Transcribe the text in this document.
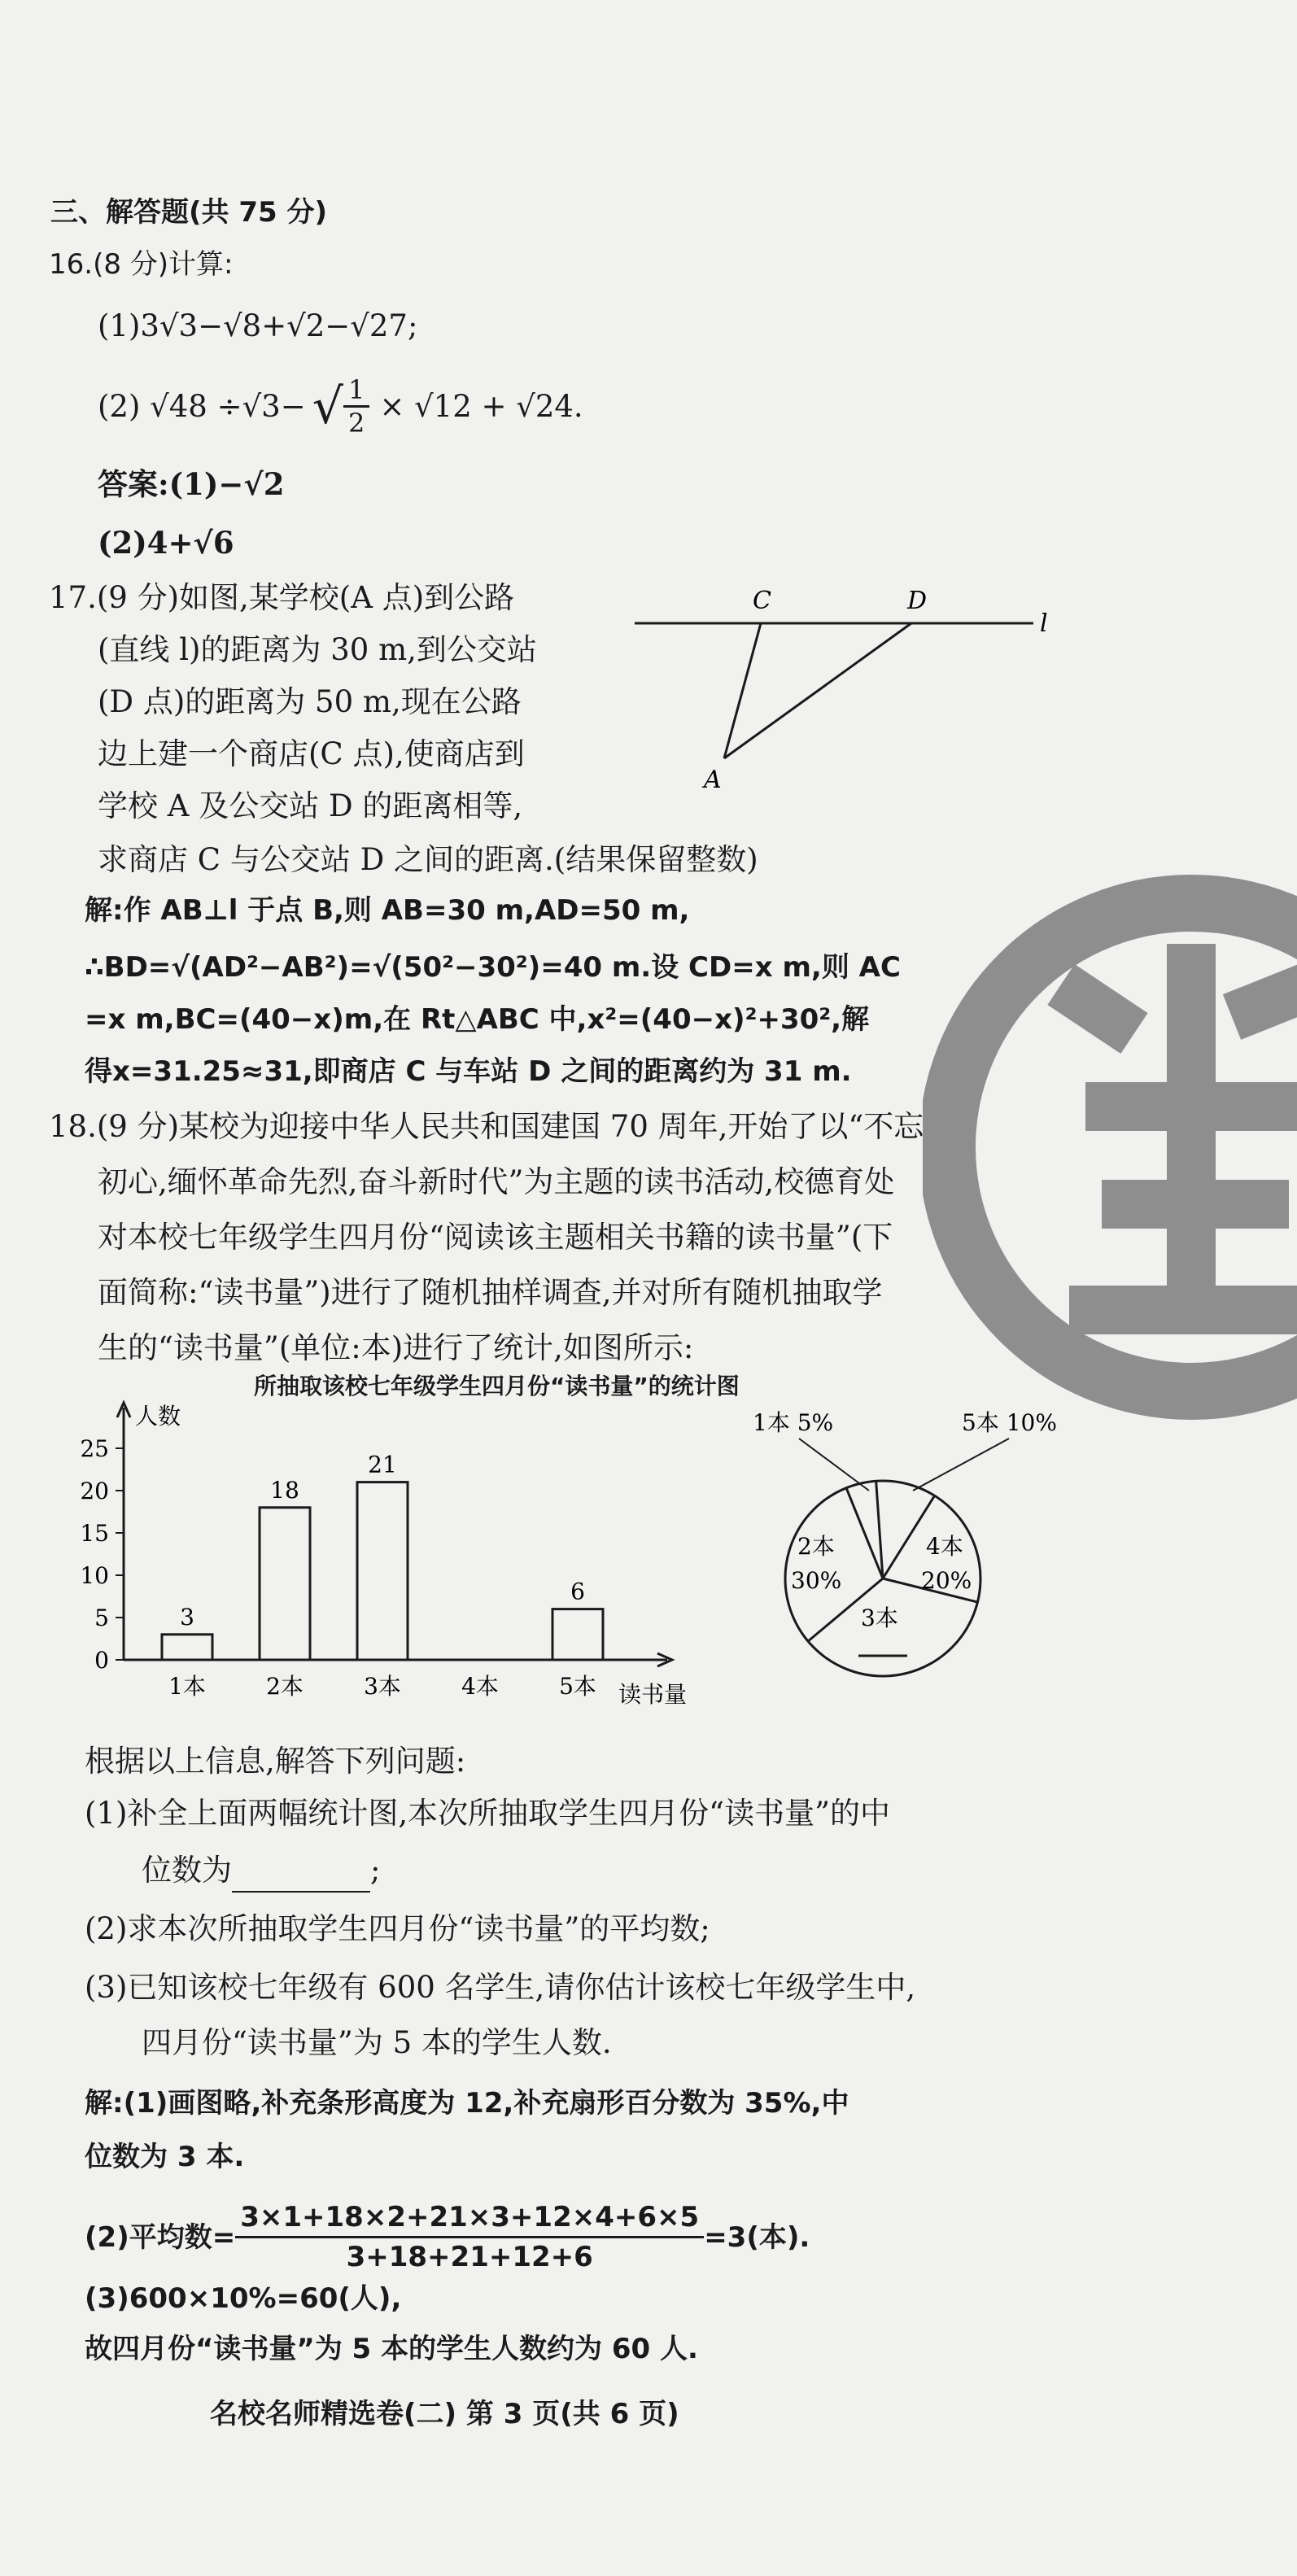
三、解答题(共 75 分)
16.(8 分)计算:
(1)3√3−√8+√2−√27;
(2) √48 ÷√3− √ $\frac{1}{2} \times √12 + √24$.
答案:(1)−√2
(2)4+√6
17.(9 分)如图,某学校(A 点)到公路
(直线 l)的距离为 30 m,到公交站
(D 点)的距离为 50 m,现在公路
边上建一个商店(C 点),使商店到
学校 A 及公交站 D 的距离相等,
求商店 C 与公交站 D 之间的距离.(结果保留整数)
C	D
l
A
解:作 AB⊥l 于点 B,则 AB=30 m,AD=50 m,
∴BD=√(AD²−AB²)=√(50²−30²)=40 m.设 CD=x m,则 AC
=x m,BC=(40−x)m,在 Rt△ABC 中,x²=(40−x)²+30²,解
得x=31.25≈31,即商店 C 与车站 D 之间的距离约为 31 m.
18.(9 分)某校为迎接中华人民共和国建国 70 周年,开始了以“不忘
初心,缅怀革命先烈,奋斗新时代”为主题的读书活动,校德育处
对本校七年级学生四月份“阅读该主题相关书籍的读书量”(下
面简称:“读书量”)进行了随机抽样调查,并对所有随机抽取学
生的“读书量”(单位:本)进行了统计,如图所示:
所抽取该校七年级学生四月份“读书量”的统计图
人数
读书量
0
5
10
15
20
25
3
1本
18
2本
21
3本	4本
6
5本
1本 5%	5本 10%
2本
30%
4本
20%
3本
根据以上信息,解答下列问题:
(1)补全上面两幅统计图,本次所抽取学生四月份“读书量”的中
位数为	;
(2)求本次所抽取学生四月份“读书量”的平均数;
(3)已知该校七年级有 600 名学生,请你估计该校七年级学生中,
四月份“读书量”为 5 本的学生人数.
解:(1)画图略,补充条形高度为 12,补充扇形百分数为 35%,中
位数为 3 本.
(2)平均数= $\frac{3\times 1+18\times 2+21\times 3+12\times 4+6\times 5}{3+18+21+12+6} =3$(本).
(3)600×10%=60(人),
故四月份“读书量”为 5 本的学生人数约为 60 人.
名校名师精选卷(二) 第 3 页(共 6 页)
